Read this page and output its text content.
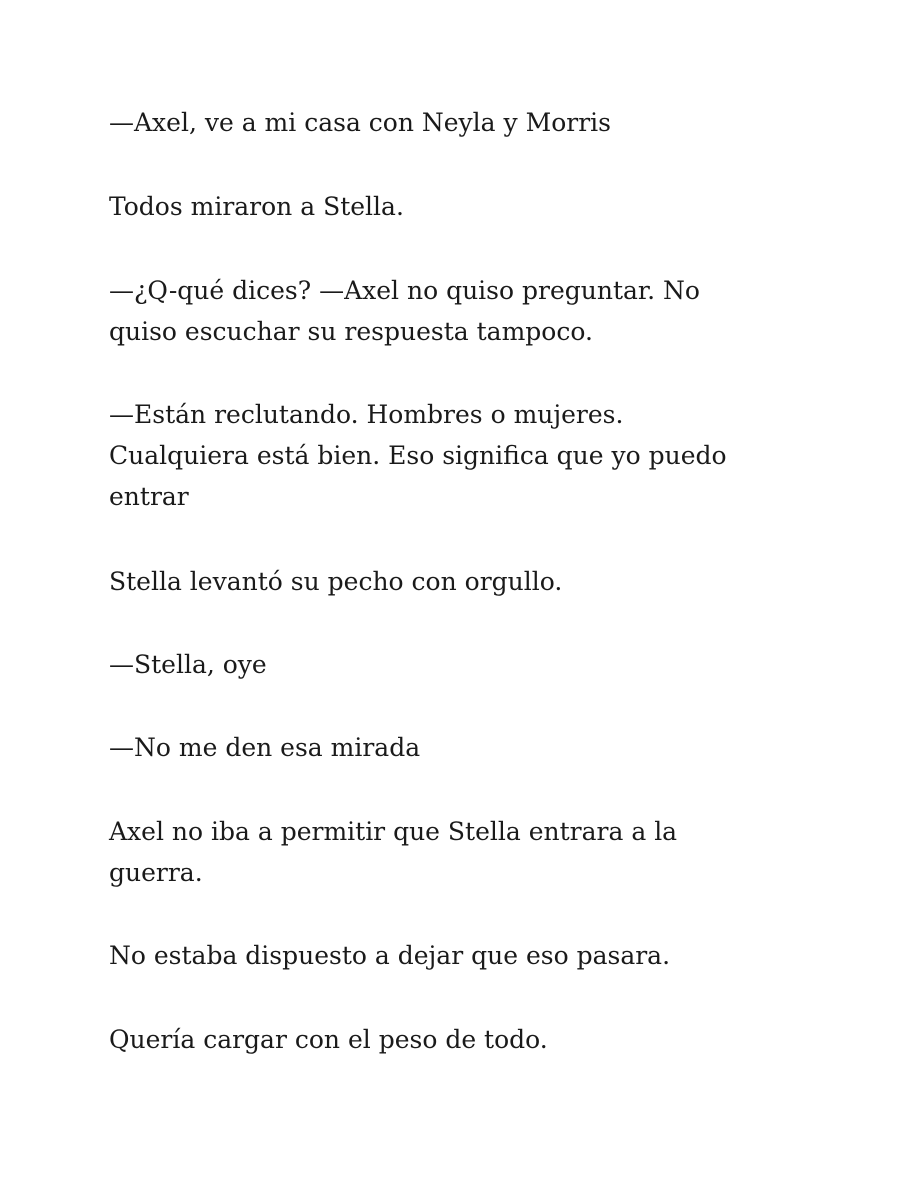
—Axel, ve a mi casa con Neyla y Morris

Todos miraron a Stella.

—¿Q-qué dices? —Axel no quiso preguntar. No
quiso escuchar su respuesta tampoco.

—Están reclutando. Hombres o mujeres.
Cualquiera está bien. Eso significa que yo puedo
entrar

Stella levantó su pecho con orgullo.

—Stella, oye

—No me den esa mirada

Axel no iba a permitir que Stella entrara a la
guerra.

No estaba dispuesto a dejar que eso pasara.

Quería cargar con el peso de todo.
